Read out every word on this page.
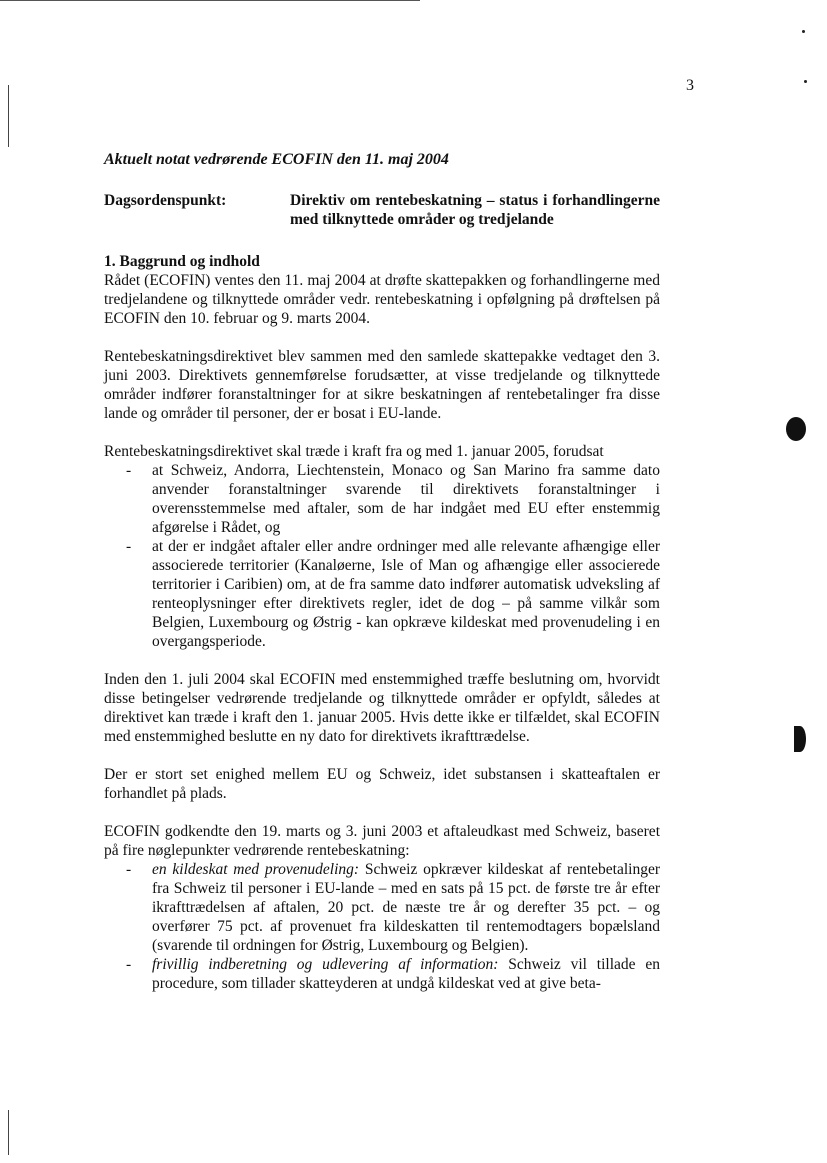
3
Aktuelt notat vedrørende ECOFIN den 11. maj 2004
Dagsordenspunkt:	Direktiv om rentebeskatning – status i forhandlingerne med tilknyttede områder og tredjelande
1. Baggrund og indhold

Rådet (ECOFIN) ventes den 11. maj 2004 at drøfte skattepakken og forhandlingerne med tredjelandene og tilknyttede områder vedr. rentebeskatning i opfølgning på drøftelsen på ECOFIN den 10. februar og 9. marts 2004.

Rentebeskatningsdirektivet blev sammen med den samlede skattepakke vedtaget den 3. juni 2003. Direktivets gennemførelse forudsætter, at visse tredjelande og tilknyttede områder indfører foranstaltninger for at sikre beskatningen af rentebetalinger fra disse lande og områder til personer, der er bosat i EU-lande.

Rentebeskatningsdirektivet skal træde i kraft fra og med 1. januar 2005, forudsat

- at Schweiz, Andorra, Liechtenstein, Monaco og San Marino fra samme dato anvender foranstaltninger svarende til direktivets foranstaltninger i overensstemmelse med aftaler, som de har indgået med EU efter enstemmig afgørelse i Rådet, og
- at der er indgået aftaler eller andre ordninger med alle relevante afhængige eller associerede territorier (Kanaløerne, Isle of Man og afhængige eller associerede territorier i Caribien) om, at de fra samme dato indfører automatisk udveksling af renteoplysninger efter direktivets regler, idet de dog – på samme vilkår som Belgien, Luxembourg og Østrig - kan opkræve kildeskat med provenudeling i en overgangsperiode.

Inden den 1. juli 2004 skal ECOFIN med enstemmighed træffe beslutning om, hvorvidt disse betingelser vedrørende tredjelande og tilknyttede områder er opfyldt, således at direktivet kan træde i kraft den 1. januar 2005. Hvis dette ikke er tilfældet, skal ECOFIN med enstemmighed beslutte en ny dato for direktivets ikrafttrædelse.

Der er stort set enighed mellem EU og Schweiz, idet substansen i skatteaftalen er forhandlet på plads.

ECOFIN godkendte den 19. marts og 3. juni 2003 et aftaleudkast med Schweiz, baseret på fire nøglepunkter vedrørende rentebeskatning:

- en kildeskat med provenudeling: Schweiz opkræver kildeskat af rentebetalinger fra Schweiz til personer i EU-lande – med en sats på 15 pct. de første tre år efter ikrafttrædelsen af aftalen, 20 pct. de næste tre år og derefter 35 pct. – og overfører 75 pct. af provenuet fra kildeskatten til rentemodtagers bopælsland (svarende til ordningen for Østrig, Luxembourg og Belgien).
- frivillig indberetning og udlevering af information: Schweiz vil tillade en procedure, som tillader skatteyderen at undgå kildeskat ved at give beta-
